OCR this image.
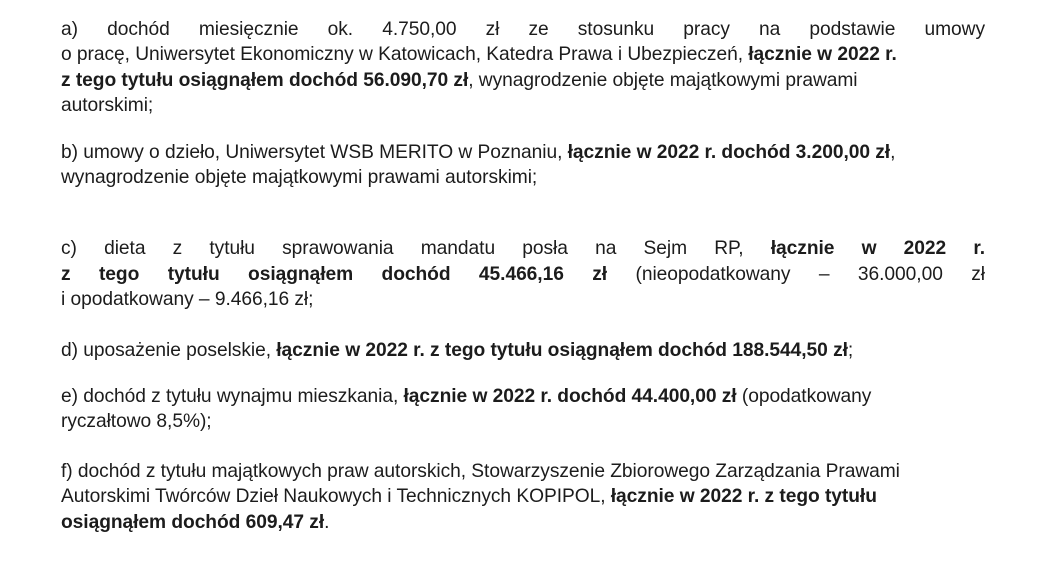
a) dochód miesięcznie ok. 4.750,00 zł ze stosunku pracy na podstawie umowy
o pracę, Uniwersytet Ekonomiczny w Katowicach, Katedra Prawa i Ubezpieczeń, łącznie w 2022 r.
z tego tytułu osiągnąłem dochód 56.090,70 zł, wynagrodzenie objęte majątkowymi prawami
autorskimi;

b) umowy o dzieło, Uniwersytet WSB MERITO w Poznaniu, łącznie w 2022 r. dochód 3.200,00 zł,
wynagrodzenie objęte majątkowymi prawami autorskimi;

c) dieta z tytułu sprawowania mandatu posła na Sejm RP, łącznie w 2022 r.
z tego tytułu osiągnąłem dochód 45.466,16 zł (nieopodatkowany – 36.000,00 zł
i opodatkowany – 9.466,16 zł;

d) uposażenie poselskie, łącznie w 2022 r. z tego tytułu osiągnąłem dochód 188.544,50 zł;

e) dochód z tytułu wynajmu mieszkania, łącznie w 2022 r. dochód 44.400,00 zł (opodatkowany
ryczałtowo 8,5%);

f) dochód z tytułu majątkowych praw autorskich, Stowarzyszenie Zbiorowego Zarządzania Prawami
Autorskimi Twórców Dzieł Naukowych i Technicznych KOPIPOL, łącznie w 2022 r. z tego tytułu
osiągnąłem dochód 609,47 zł.
